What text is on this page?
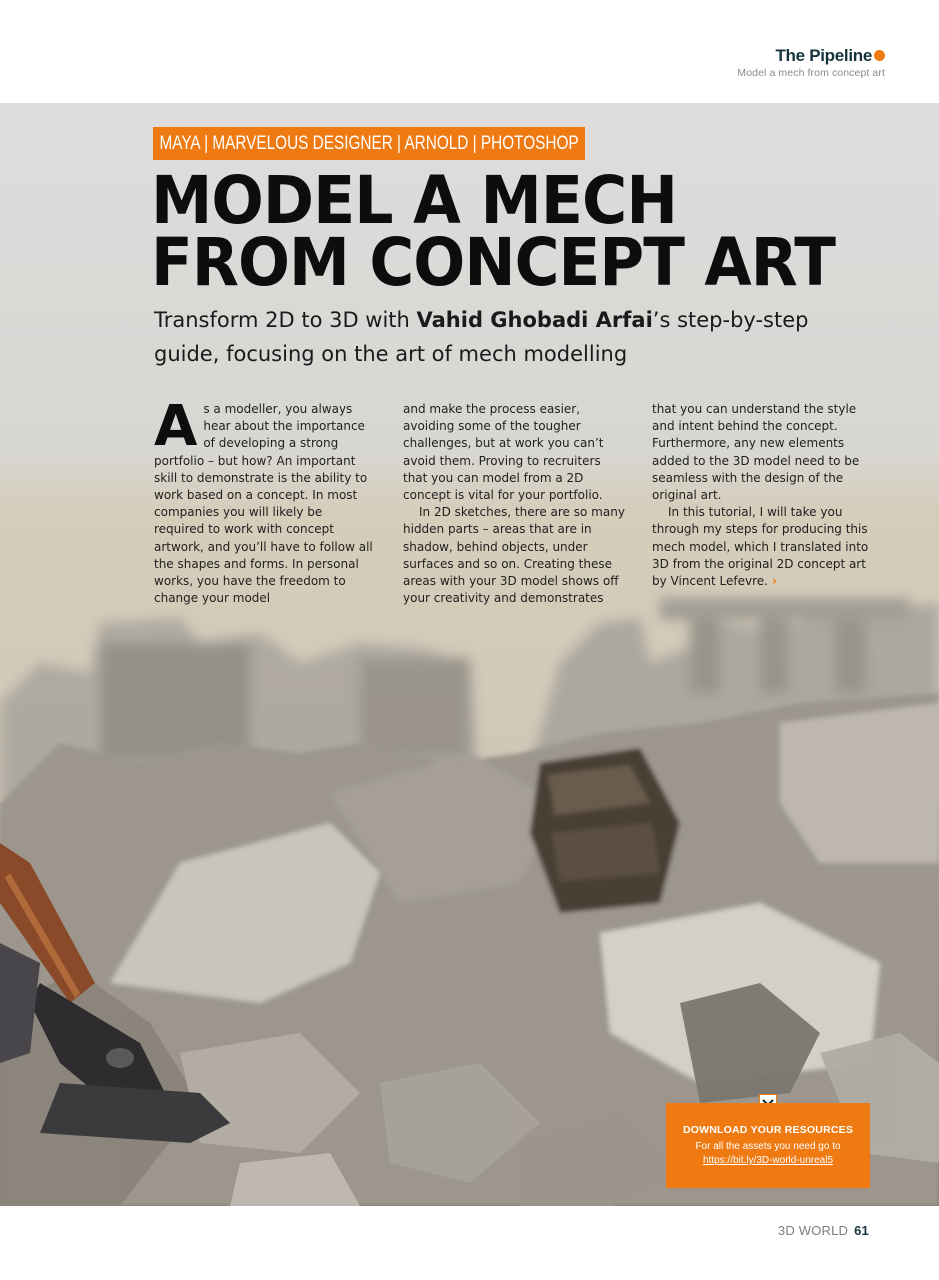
The Pipeline
Model a mech from concept art
MAYA | MARVELOUS DESIGNER | ARNOLD | PHOTOSHOP
MODEL A MECH
FROM CONCEPT ART

Transform 2D to 3D with Vahid Ghobadi Arfai’s step-by-step guide, focusing on the art of mech modelling

A s a modeller, you always hear about the importance of developing a strong portfolio – but how? An important skill to demonstrate is the ability to work based on a concept. In most companies you will likely be required to work with concept artwork, and you’ll have to follow all the shapes and forms. In personal works, you have the freedom to change your model

and make the process easier, avoiding some of the tougher challenges, but at work you can’t avoid them. Proving to recruiters that you can model from a 2D concept is vital for your portfolio.

In 2D sketches, there are so many hidden parts – areas that are in shadow, behind objects, under surfaces and so on. Creating these areas with your 3D model shows off your creativity and demonstrates

that you can understand the style and intent behind the concept. Furthermore, any new elements added to the 3D model need to be seamless with the design of the original art.

In this tutorial, I will take you through my steps for producing this mech model, which I translated into 3D from the original 2D concept art by Vincent Lefevre. ›

DOWNLOAD YOUR RESOURCES
For all the assets you need go to
https://bit.ly/3D-world-unreal5
3D WORLD 61
